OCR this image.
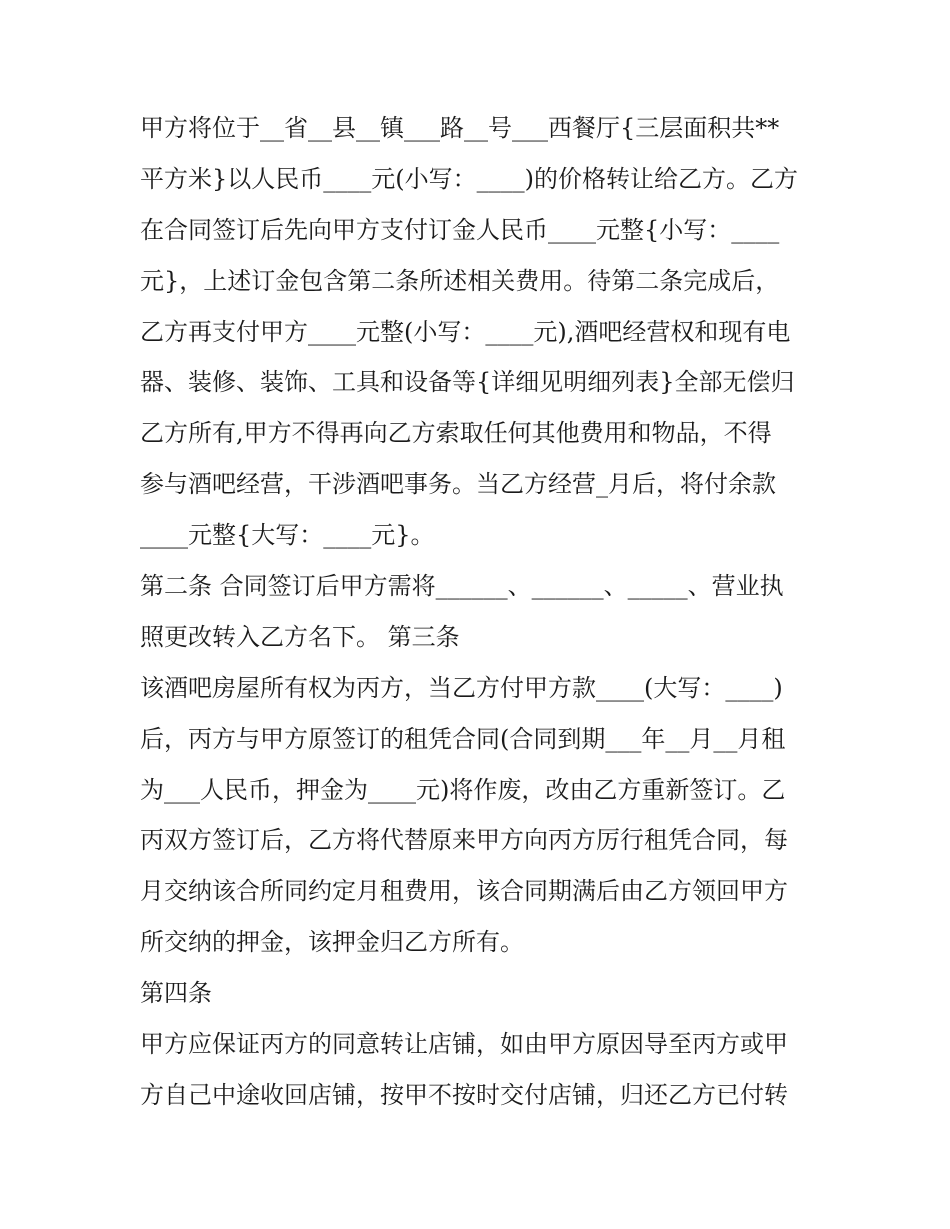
甲方将位于__省__县__镇___路__号___西餐厅{三层面积共**
平方米}以人民币____元(小写：____)的价格转让给乙方。乙方
在合同签订后先向甲方支付订金人民币____元整{小写：____
元}，上述订金包含第二条所述相关费用。待第二条完成后，
乙方再支付甲方____元整(小写：____元),酒吧经营权和现有电
器、装修、装饰、工具和设备等{详细见明细列表}全部无偿归
乙方所有,甲方不得再向乙方索取任何其他费用和物品，不得
参与酒吧经营，干涉酒吧事务。当乙方经营_月后，将付余款
____元整{大写：____元}。
第二条 合同签订后甲方需将______、______、_____、营业执
照更改转入乙方名下。 第三条
该酒吧房屋所有权为丙方，当乙方付甲方款____(大写：____)
后，丙方与甲方原签订的租凭合同(合同到期___年__月__月租
为___人民币，押金为____元)将作废，改由乙方重新签订。乙
丙双方签订后，乙方将代替原来甲方向丙方厉行租凭合同，每
月交纳该合所同约定月租费用，该合同期满后由乙方领回甲方
所交纳的押金，该押金归乙方所有。
第四条
甲方应保证丙方的同意转让店铺，如由甲方原因导至丙方或甲
方自己中途收回店铺，按甲不按时交付店铺，归还乙方已付转
